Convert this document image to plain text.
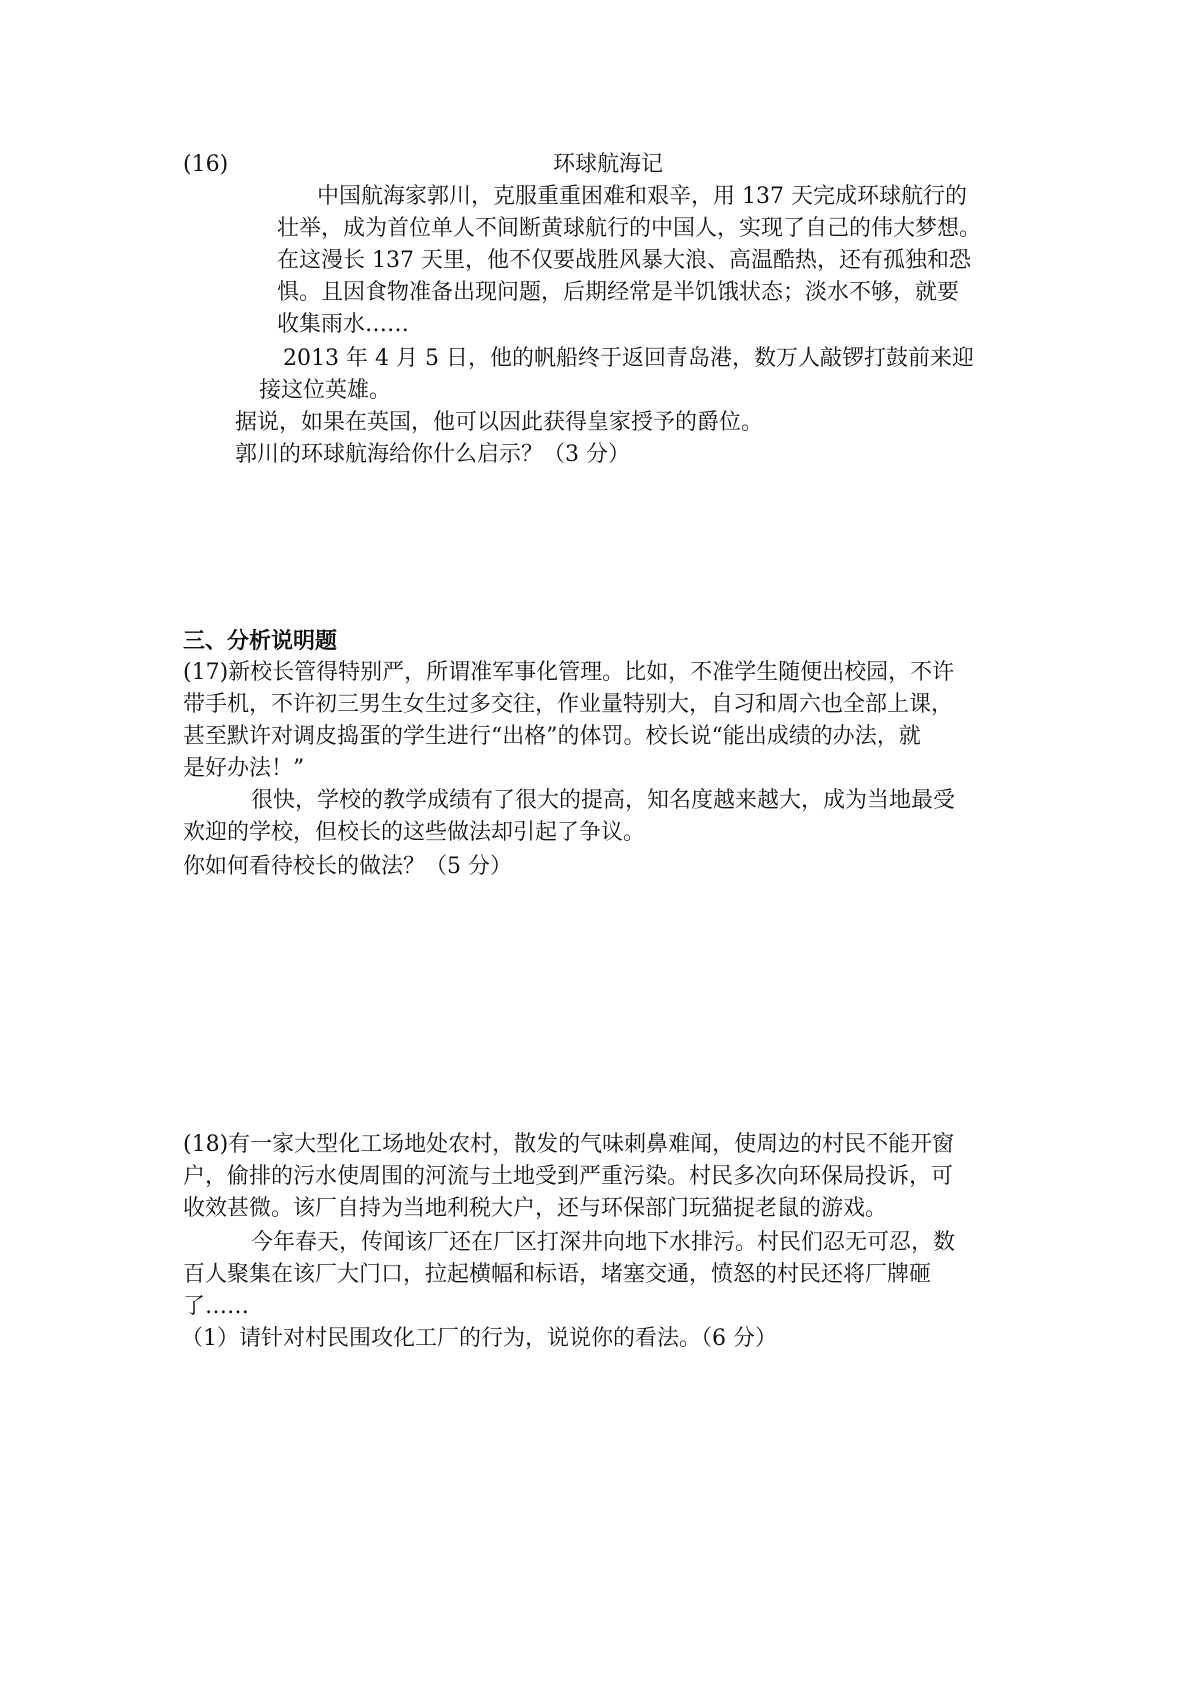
(16)	环球航海记
中国航海家郭川，克服重重困难和艰辛，用 137 天完成环球航行的
壮举，成为首位单人不间断黄球航行的中国人，实现了自己的伟大梦想。
在这漫长 137 天里，他不仅要战胜风暴大浪、高温酷热，还有孤独和恐
惧。且因食物准备出现问题，后期经常是半饥饿状态；淡水不够，就要
收集雨水……
2013 年 4 月 5 日，他的帆船终于返回青岛港，数万人敲锣打鼓前来迎
接这位英雄。
据说，如果在英国，他可以因此获得皇家授予的爵位。
郭川的环球航海给你什么启示？（3 分）
三、分析说明题
(17)新校长管得特别严，所谓准军事化管理。比如，不准学生随便出校园，不许
带手机，不许初三男生女生过多交往，作业量特别大，自习和周六也全部上课，
甚至默许对调皮捣蛋的学生进行“出格”的体罚。校长说“能出成绩的办法，就
是好办法！”
很快，学校的教学成绩有了很大的提高，知名度越来越大，成为当地最受
欢迎的学校，但校长的这些做法却引起了争议。
你如何看待校长的做法？（5 分）
(18)有一家大型化工场地处农村，散发的气味刺鼻难闻，使周边的村民不能开窗
户，偷排的污水使周围的河流与土地受到严重污染。村民多次向环保局投诉，可
收效甚微。该厂自持为当地利税大户，还与环保部门玩猫捉老鼠的游戏。
今年春天，传闻该厂还在厂区打深井向地下水排污。村民们忍无可忍，数
百人聚集在该厂大门口，拉起横幅和标语，堵塞交通，愤怒的村民还将厂牌砸
了……
（1）请针对村民围攻化工厂的行为，说说你的看法。（6 分）
